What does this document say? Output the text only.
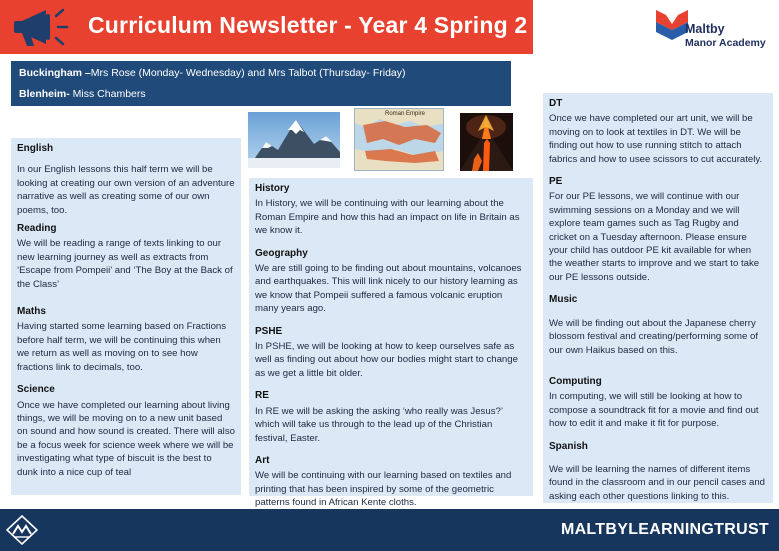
Curriculum Newsletter - Year 4 Spring 2	Maltby
Manor Academy
Buckingham –Mrs Rose (Monday- Wednesday) and Mrs Talbot (Thursday- Friday)
Blenheim- Miss Chambers
Roman Empire
English
In our English lessons this half term we will be looking at creating our own version of an adventure narrative as well as creating some of our own poems, too.
Reading
We will be reading a range of texts linking to our new learning journey as well as extracts from ‘Escape from Pompeii’ and ‘The Boy at the Back of the Class’
Maths
Having started some learning based on Fractions before half term, we will be continuing this when we return as well as moving on to see how fractions link to decimals, too.
Science
Once we have completed our learning about living things, we will be moving on to a new unit based on sound and how sound is created. There will also be a focus week for science week where we will be investigating what type of biscuit is the best to dunk into a nice cup of teal
History
In History, we will be continuing with our learning about the Roman Empire and how this had an impact on life in Britain as we know it.
Geography
We are still going to be finding out about mountains, volcanoes and earthquakes. This will link nicely to our history learning as we know that Pompeii suffered a famous volcanic eruption many years ago.
PSHE
In PSHE, we will be looking at how to keep ourselves safe as well as finding out about how our bodies might start to change as we get a little bit older.
RE
In RE we will be asking the asking ‘who really was Jesus?’ which will take us through to the lead up of the Christian festival, Easter.
Art
We will be continuing with our learning based on textiles and printing that has been inspired by some of the geometric patterns found in African Kente cloths.
DT
Once we have completed our art unit, we will be moving on to look at textiles in DT. We will be finding out how to use running stitch to attach fabrics and how to usee scissors to cut accurately.
PE
For our PE lessons, we will continue with our swimming sessions on a Monday and we will explore team games such as Tag Rugby and cricket on a Tuesday afternoon. Please ensure your child has outdoor PE kit available for when the weather starts to improve and we start to take our PE lessons outside.
Music
We will be finding out about the Japanese cherry blossom festival and creating/performing some of our own Haikus based on this.
Computing
In computing, we will still be looking at how to compose a soundtrack fit for a movie and find out how to edit it and make it fit for purpose.
Spanish
We will be learning the names of different items found in the classroom and in our pencil cases and asking each other questions linking to this.
MALTBYLEARNINGTRUST
